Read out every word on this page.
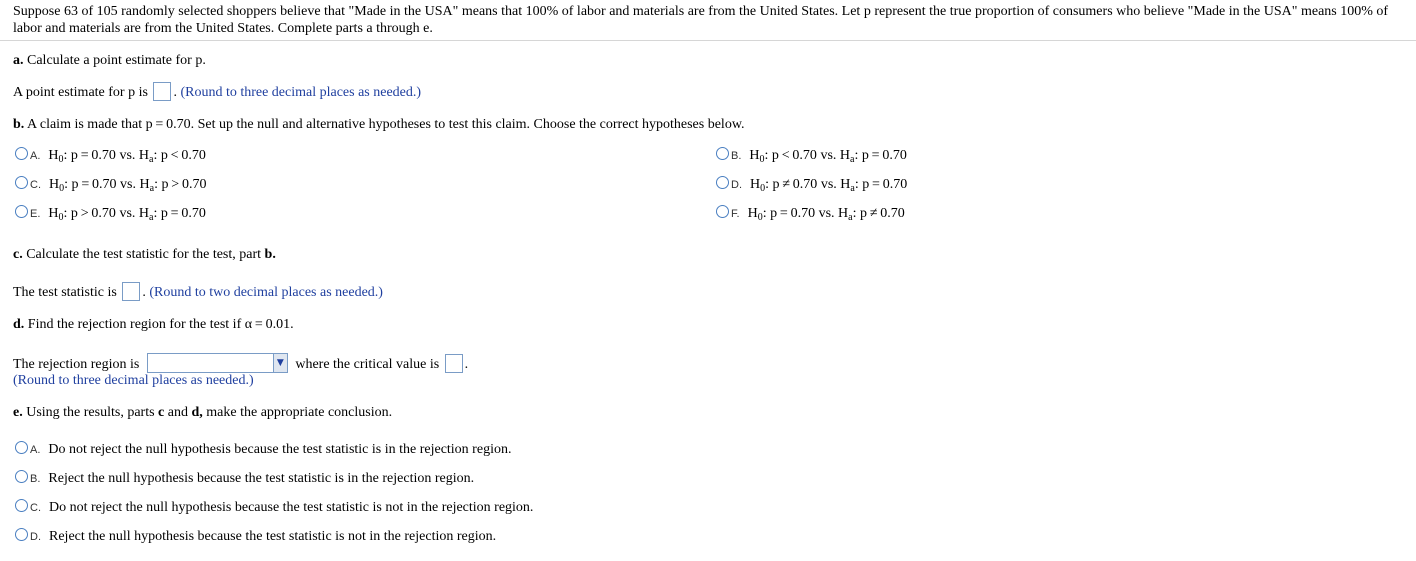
Suppose 63 of 105 randomly selected shoppers believe that "Made in the USA" means that 100% of labor and materials are from the United States. Let p represent the true proportion of consumers who believe "Made in the USA" means 100% of labor and materials are from the United States. Complete parts a through e.
a. Calculate a point estimate for p.
A point estimate for p is . (Round to three decimal places as needed.)
b. A claim is made that p = 0.70. Set up the null and alternative hypotheses to test this claim. Choose the correct hypotheses below.
A. $H_0$: p = 0.70 vs. $H_a$: p < 0.70	B. $H_0$: p < 0.70 vs. $H_a$: p = 0.70
C. $H_0$: p = 0.70 vs. $H_a$: p > 0.70	D. $H_0$: p ≠ 0.70 vs. $H_a$: p = 0.70
E. $H_0$: p > 0.70 vs. $H_a$: p = 0.70	F. $H_0$: p = 0.70 vs. $H_a$: p ≠ 0.70
c. Calculate the test statistic for the test, part b.
The test statistic is . (Round to two decimal places as needed.)
d. Find the rejection region for the test if α = 0.01.
The rejection region is	▼ where the critical value is .
(Round to three decimal places as needed.)
e. Using the results, parts c and d, make the appropriate conclusion.
A. Do not reject the null hypothesis because the test statistic is in the rejection region.
B. Reject the null hypothesis because the test statistic is in the rejection region.
C. Do not reject the null hypothesis because the test statistic is not in the rejection region.
D. Reject the null hypothesis because the test statistic is not in the rejection region.
